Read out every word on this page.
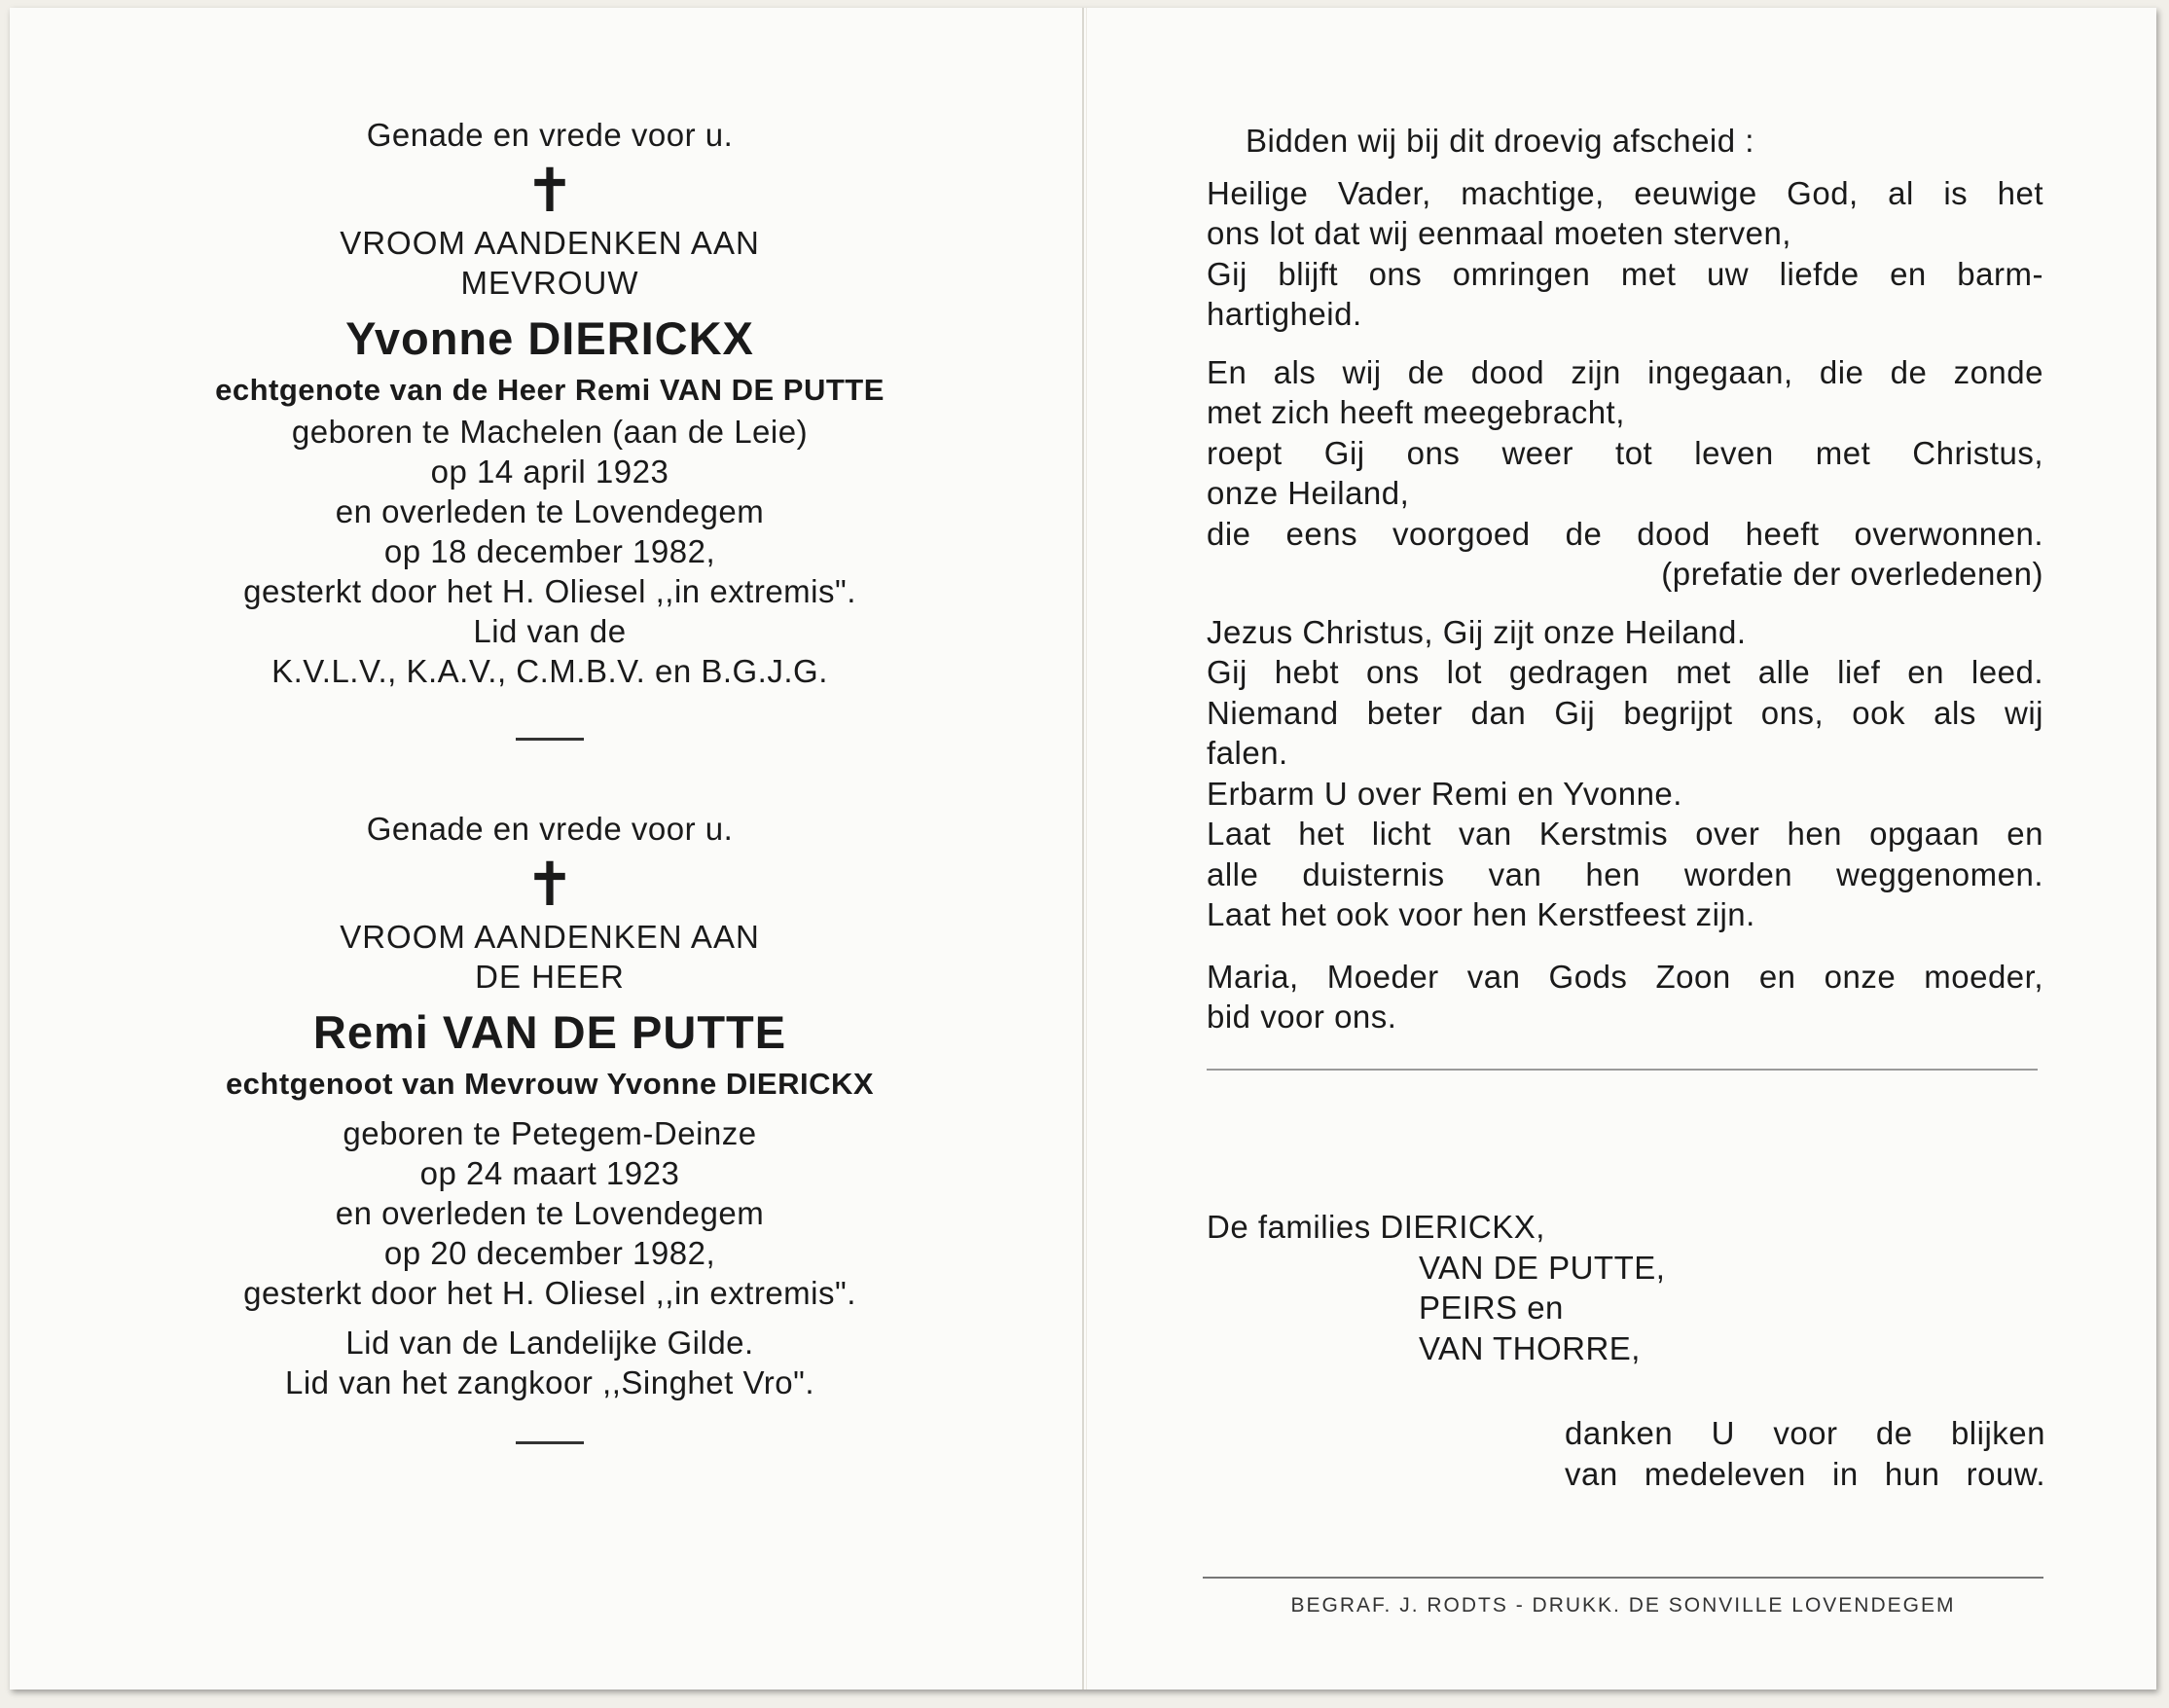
Genade en vrede voor u.
✝
VROOM AANDENKEN AAN
MEVROUW
Yvonne DIERICKX
echtgenote van de Heer Remi VAN DE PUTTE
geboren te Machelen (aan de Leie)
op 14 april 1923
en overleden te Lovendegem
op 18 december 1982,
gesterkt door het H. Oliesel ,,in extremis".
Lid van de
K.V.L.V., K.A.V., C.M.B.V. en B.G.J.G.
Genade en vrede voor u.
✝
VROOM AANDENKEN AAN
DE HEER
Remi VAN DE PUTTE
echtgenoot van Mevrouw Yvonne DIERICKX
geboren te Petegem-Deinze
op 24 maart 1923
en overleden te Lovendegem
op 20 december 1982,
gesterkt door het H. Oliesel ,,in extremis".
Lid van de Landelijke Gilde.
Lid van het zangkoor ,,Singhet Vro".
Bidden wij bij dit droevig afscheid :
Heilige Vader, machtige, eeuwige God, al is het
ons lot dat wij eenmaal moeten sterven,
Gij blijft ons omringen met uw liefde en barm-
hartigheid.
En als wij de dood zijn ingegaan, die de zonde
met zich heeft meegebracht,
roept Gij ons weer tot leven met Christus,
onze Heiland,
die eens voorgoed de dood heeft overwonnen.
(prefatie der overledenen)
Jezus Christus, Gij zijt onze Heiland.
Gij hebt ons lot gedragen met alle lief en leed.
Niemand beter dan Gij begrijpt ons, ook als wij
falen.
Erbarm U over Remi en Yvonne.
Laat het licht van Kerstmis over hen opgaan en
alle duisternis van hen worden weggenomen.
Laat het ook voor hen Kerstfeest zijn.
Maria, Moeder van Gods Zoon en onze moeder,
bid voor ons.
De families DIERICKX,
VAN DE PUTTE,
PEIRS en
VAN THORRE,
danken U voor de blijken
van medeleven in hun rouw.
BEGRAF. J. RODTS - DRUKK. DE SONVILLE LOVENDEGEM
